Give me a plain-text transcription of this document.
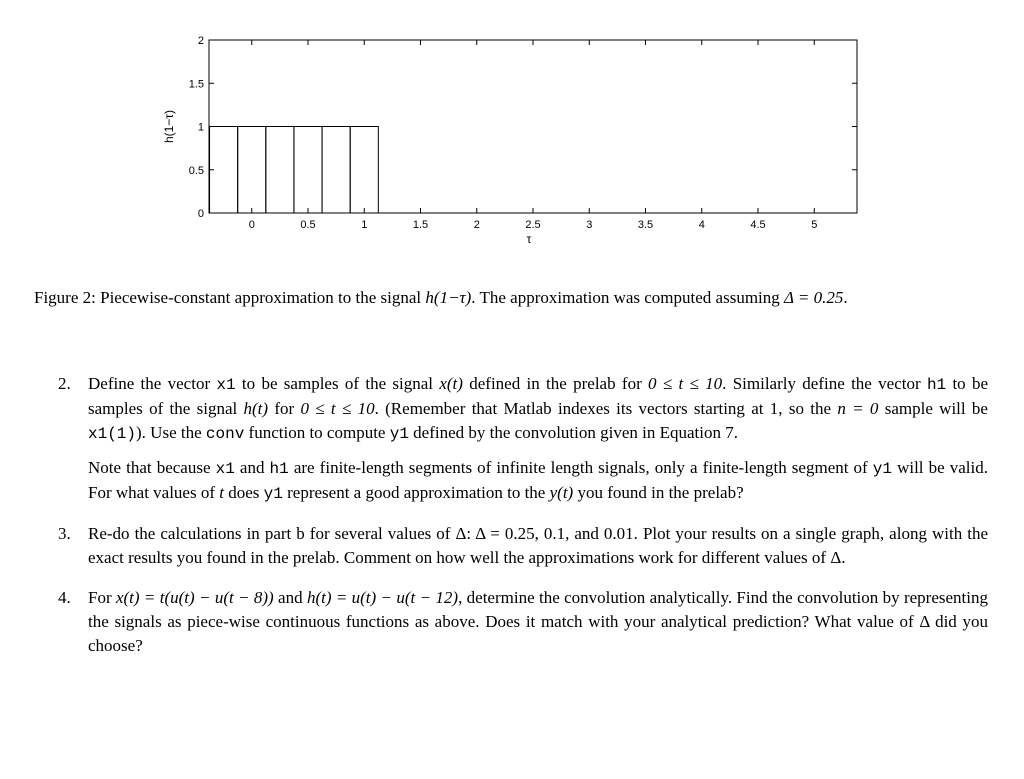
0	0.5	1	1.5	2	2.5	3	3.5	4	4.5	5
0
0.5
1
1.5
2
τ
h(1−τ)
Figure 2: Piecewise-constant approximation to the signal h(1−τ). The approximation was computed assuming Δ = 0.25.
2. Define the vector x1 to be samples of the signal x(t) defined in the prelab for 0 ≤ t ≤ 10. Similarly define the vector h1 to be samples of the signal h(t) for 0 ≤ t ≤ 10. (Remember that Matlab indexes its vectors starting at 1, so the n = 0 sample will be x1(1)). Use the conv function to compute y1 defined by the convolution given in Equation 7.

Note that because x1 and h1 are finite-length segments of infinite length signals, only a finite-length segment of y1 will be valid. For what values of t does y1 represent a good approximation to the y(t) you found in the prelab?

3. Re-do the calculations in part b for several values of Δ: Δ = 0.25, 0.1, and 0.01. Plot your results on a single graph, along with the exact results you found in the prelab. Comment on how well the approximations work for different values of Δ.

4. For x(t) = t(u(t) − u(t − 8)) and h(t) = u(t) − u(t − 12), determine the convolution analytically. Find the convolution by representing the signals as piece-wise continuous functions as above. Does it match with your analytical prediction? What value of Δ did you choose?
